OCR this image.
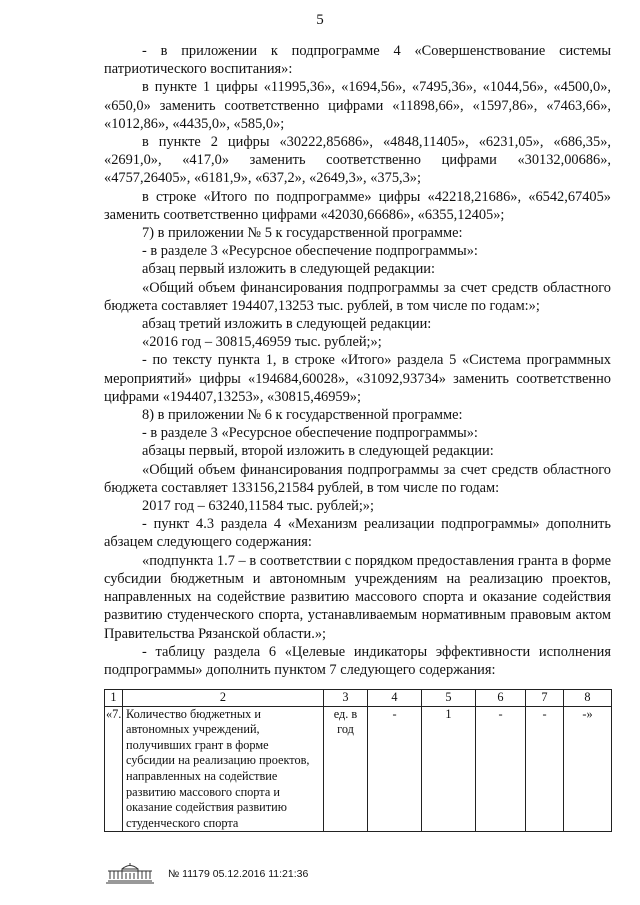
5

- в приложении к подпрограмме 4 «Совершенствование системы патриотического воспитания»:

в пункте 1 цифры «11995,36», «1694,56», «7495,36», «1044,56», «4500,0», «650,0» заменить соответственно цифрами «11898,66», «1597,86», «7463,66», «1012,86», «4435,0», «585,0»;

в пункте 2 цифры «30222,85686», «4848,11405», «6231,05», «686,35», «2691,0», «417,0» заменить соответственно цифрами «30132,00686», «4757,26405», «6181,9», «637,2», «2649,3», «375,3»;

в строке «Итого по подпрограмме» цифры «42218,21686», «6542,67405» заменить соответственно цифрами «42030,66686», «6355,12405»;

7) в приложении № 5 к государственной программе:

- в разделе 3 «Ресурсное обеспечение подпрограммы»:

абзац первый изложить в следующей редакции:

«Общий объем финансирования подпрограммы за счет средств областного бюджета составляет 194407,13253 тыс. рублей, в том числе по годам:»;

абзац третий изложить в следующей редакции:

«2016 год – 30815,46959 тыс. рублей;»;

- по тексту пункта 1, в строке «Итого» раздела 5 «Система программных мероприятий» цифры «194684,60028», «31092,93734» заменить соответственно цифрами «194407,13253», «30815,46959»;

8) в приложении № 6 к государственной программе:

- в разделе 3 «Ресурсное обеспечение подпрограммы»:

абзацы первый, второй изложить в следующей редакции:

«Общий объем финансирования подпрограммы за счет средств областного бюджета составляет 133156,21584 рублей, в том числе по годам:

2017 год – 63240,11584 тыс. рублей;»;

- пункт 4.3 раздела 4 «Механизм реализации подпрограммы» дополнить абзацем следующего содержания:

«подпункта 1.7 – в соответствии с порядком предоставления гранта в форме субсидии бюджетным и автономным учреждениям на реализацию проектов, направленных на содействие развитию массового спорта и оказание содействия развитию студенческого спорта, устанавливаемым нормативным правовым актом Правительства Рязанской области.»;

- таблицу раздела 6 «Целевые индикаторы эффективности исполнения подпрограммы» дополнить пунктом 7 следующего содержания:

1	2	3	4	5	6	7	8
«7.	Количество бюджетных и автономных учреждений, получивших грант в форме субсидии на реализацию проектов, направленных на содействие развитию массового спорта и оказание содействия развитию студенческого спорта	ед. в год	-	1	-	-	-»
№ 11179 05.12.2016 11:21:36
